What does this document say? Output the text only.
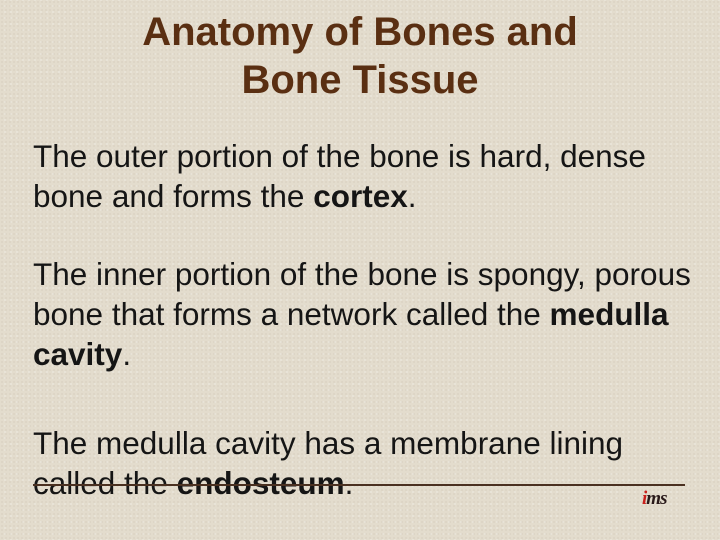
Anatomy of Bones and
Bone Tissue

The outer portion of the bone is hard, dense bone and forms the cortex.

The inner portion of the bone is spongy, porous bone that forms a network called the medulla cavity.

The medulla cavity has a membrane lining called the endosteum.	i m s
